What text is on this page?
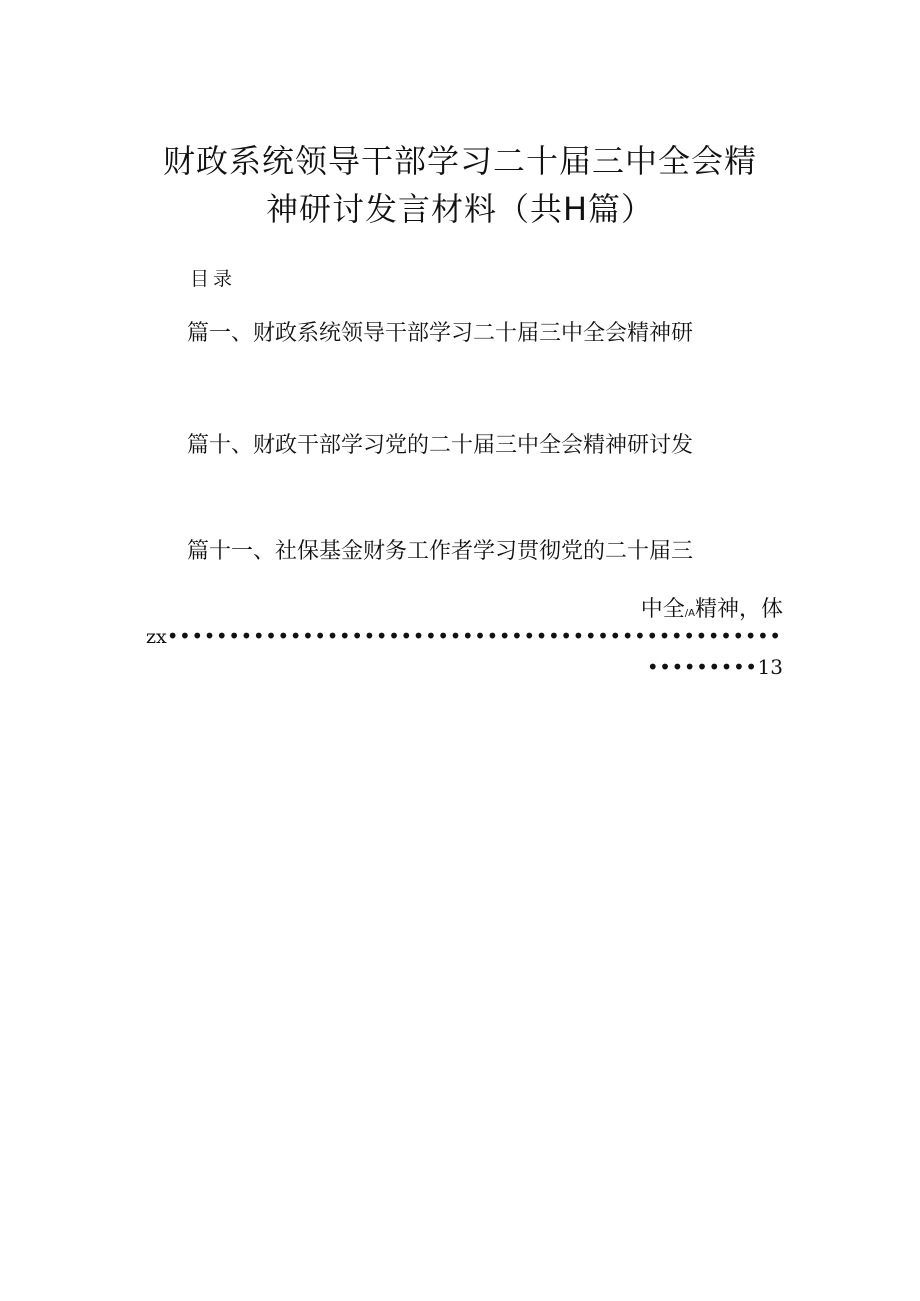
财政系统领导干部学习二十届三中全会精
神研讨发言材料（共H篇）
目录
篇一、财政系统领导干部学习二十届三中全会精神研
篇十、财政干部学习党的二十届三中全会精神研讨发
篇十一、社保基金财务工作者学习贯彻党的二十届三
中全/A精神，体
zx••••••••••••••••••••••••••••••••••••••••••••••••••
•••••••••13
